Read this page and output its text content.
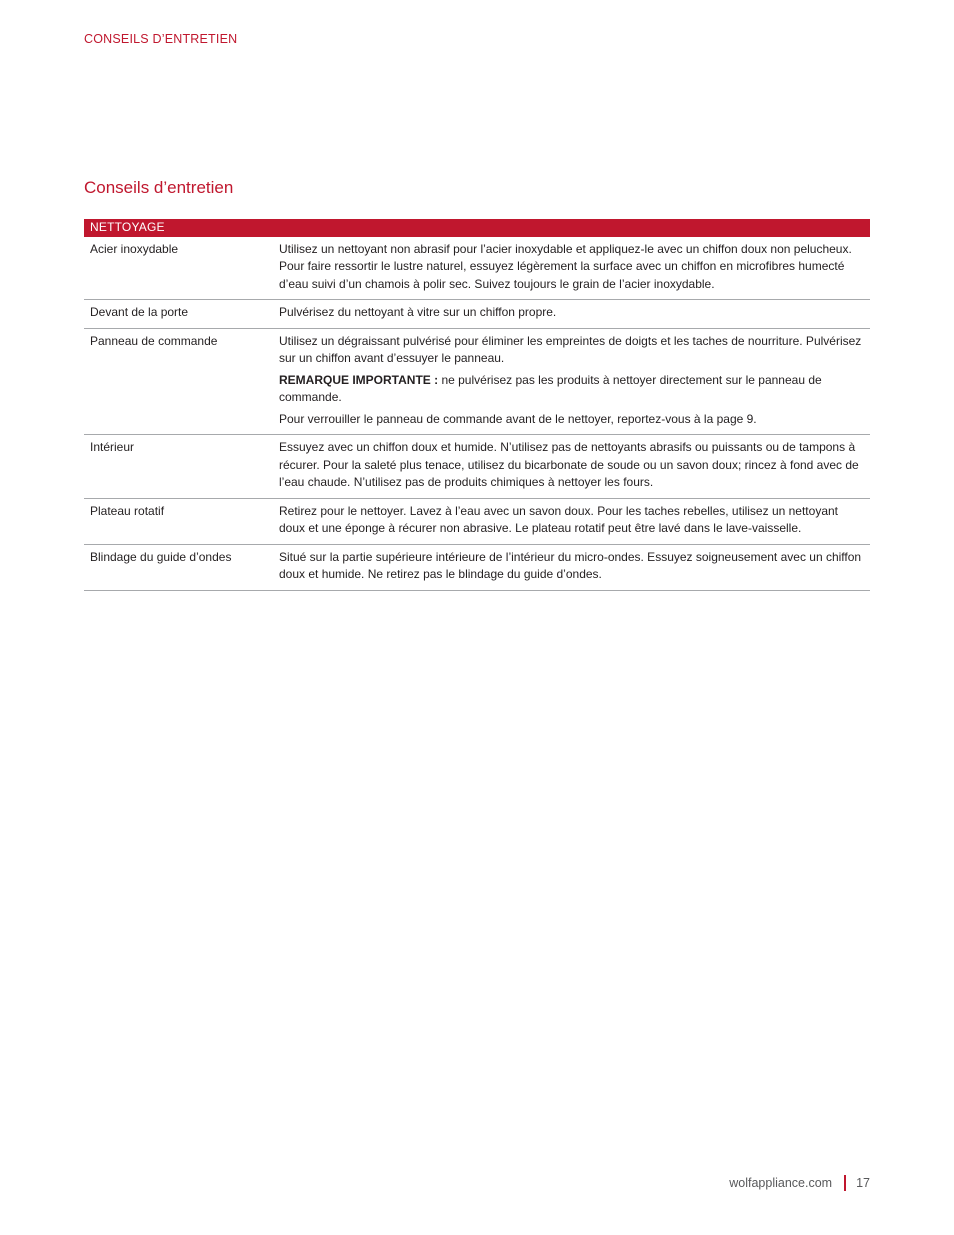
CONSEILS D’ENTRETIEN
Conseils d’entretien
NETTOYAGE	
Acier inoxydable	Utilisez un nettoyant non abrasif pour l’acier inoxydable et appliquez-le avec un chiffon doux non pelucheux. Pour faire ressortir le lustre naturel, essuyez légèrement la surface avec un chiffon en microfibres humecté d’eau suivi d’un chamois à polir sec. Suivez toujours le grain de l’acier inoxydable.

Devant de la porte	Pulvérisez du nettoyant à vitre sur un chiffon propre.

Panneau de commande	Utilisez un dégraissant pulvérisé pour éliminer les empreintes de doigts et les taches de nourriture. Pulvérisez sur un chiffon avant d’essuyer le panneau.

REMARQUE IMPORTANTE : ne pulvérisez pas les produits à nettoyer directement sur le panneau de commande.

Pour verrouiller le panneau de commande avant de le nettoyer, reportez-vous à la page 9.

Intérieur	Essuyez avec un chiffon doux et humide. N’utilisez pas de nettoyants abrasifs ou puissants ou de tampons à récurer. Pour la saleté plus tenace, utilisez du bicarbonate de soude ou un savon doux; rincez à fond avec de l’eau chaude. N’utilisez pas de produits chimiques à nettoyer les fours.

Plateau rotatif	Retirez pour le nettoyer. Lavez à l’eau avec un savon doux. Pour les taches rebelles, utilisez un nettoyant doux et une éponge à récurer non abrasive. Le plateau rotatif peut être lavé dans le lave-vaisselle.

Blindage du guide d’ondes	Situé sur la partie supérieure intérieure de l’intérieur du micro-ondes. Essuyez soigneusement avec un chiffon doux et humide. Ne retirez pas le blindage du guide d’ondes.

wolfappliance.com 17
